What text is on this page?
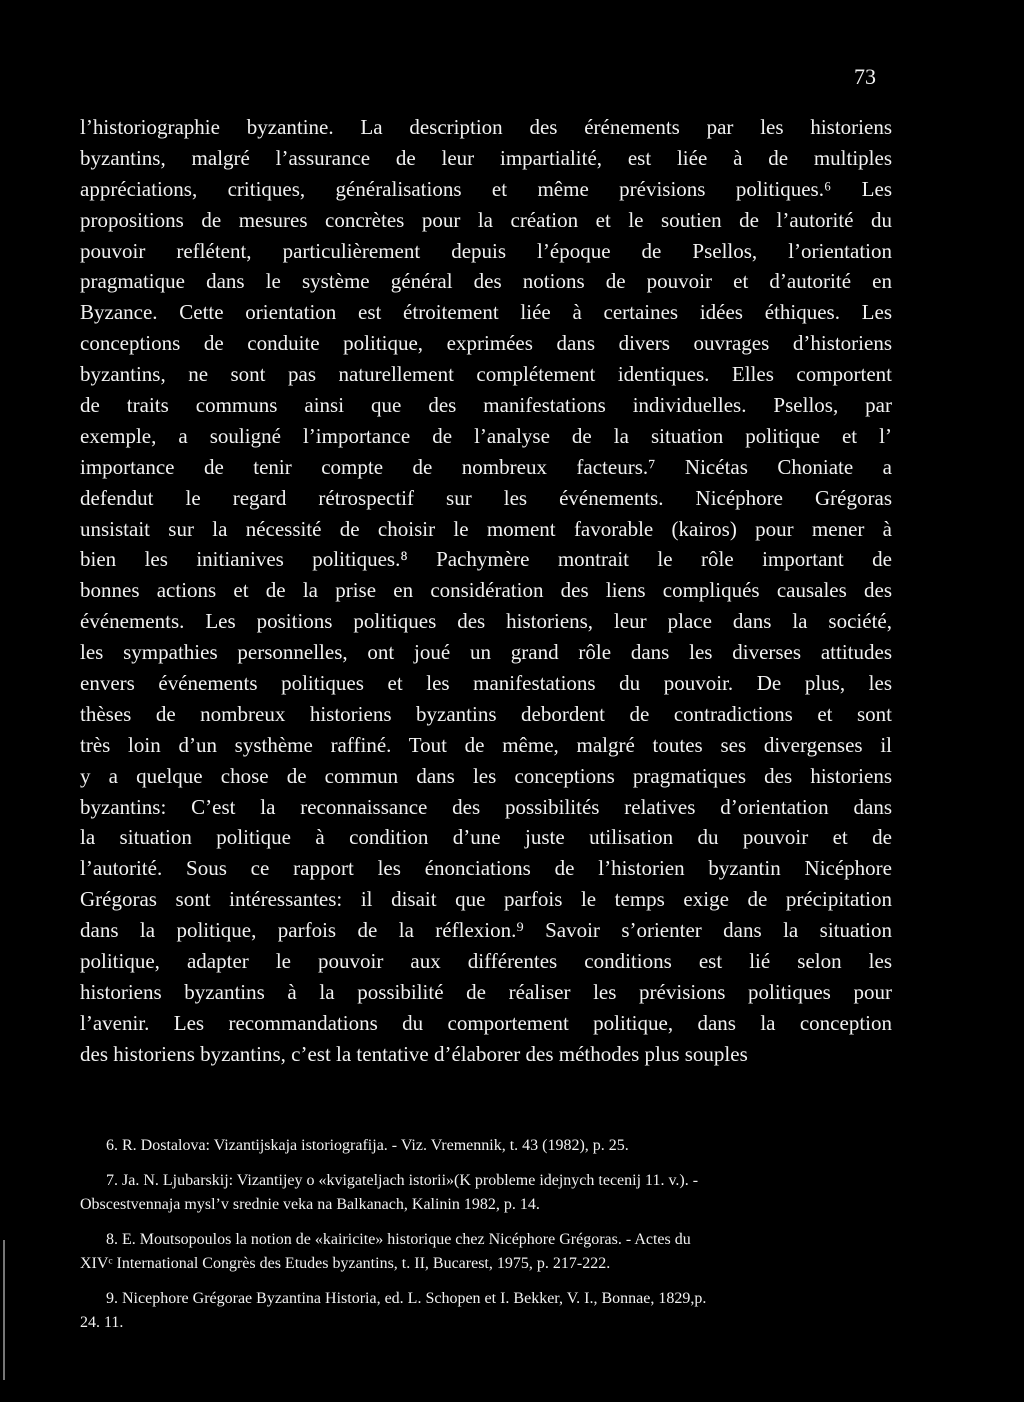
73
l’historiographie byzantine. La description des érénements par les historiens
byzantins, malgré l’assurance de leur impartialité, est liée à de multiples
appréciations, critiques, généralisations et même prévisions politiques.⁶ Les
propositions de mesures concrètes pour la création et le soutien de l’autorité du
pouvoir reflétent, particulièrement depuis l’époque de Psellos, l’orientation
pragmatique dans le système général des notions de pouvoir et d’autorité en
Byzance. Cette orientation est étroitement liée à certaines idées éthiques. Les
conceptions de conduite politique, exprimées dans divers ouvrages d’historiens
byzantins, ne sont pas naturellement complétement identiques. Elles comportent
de traits communs ainsi que des manifestations individuelles. Psellos, par
exemple, a souligné l’importance de l’analyse de la situation politique et l’
importance de tenir compte de nombreux facteurs.⁷ Nicétas Choniate a
defendut le regard rétrospectif sur les événements. Nicéphore Grégoras
unsistait sur la nécessité de choisir le moment favorable (kairos) pour mener à
bien les initianives politiques.⁸ Pachymère montrait le rôle important de
bonnes actions et de la prise en considération des liens compliqués causales des
événements. Les positions politiques des historiens, leur place dans la société,
les sympathies personnelles, ont joué un grand rôle dans les diverses attitudes
envers événements politiques et les manifestations du pouvoir. De plus, les
thèses de nombreux historiens byzantins debordent de contradictions et sont
très loin d’un systhème raffiné. Tout de même, malgré toutes ses divergenses il
y a quelque chose de commun dans les conceptions pragmatiques des historiens
byzantins: C’est la reconnaissance des possibilités relatives d’orientation dans
la situation politique à condition d’une juste utilisation du pouvoir et de
l’autorité. Sous ce rapport les énonciations de l’historien byzantin Nicéphore
Grégoras sont intéressantes: il disait que parfois le temps exige de précipitation
dans la politique, parfois de la réflexion.⁹ Savoir s’orienter dans la situation
politique, adapter le pouvoir aux différentes conditions est lié selon les
historiens byzantins à la possibilité de réaliser les prévisions politiques pour
l’avenir. Les recommandations du comportement politique, dans la conception
des historiens byzantins, c’est la tentative d’élaborer des méthodes plus souples
6. R. Dostalova: Vizantijskaja istoriografija. - Viz. Vremennik, t. 43 (1982), p. 25.
7. Ja. N. Ljubarskij: Vizantijey o «kvigateljach istorii»(K probleme idejnych tecenij 11. v.). -
Obscestvennaja mysl’v srednie veka na Balkanach, Kalinin 1982, p. 14.
8. E. Moutsopoulos la notion de «kairicite» historique chez Nicéphore Grégoras. - Actes du
XIVᶜ International Congrès des Etudes byzantins, t. II, Bucarest, 1975, p. 217-222.
9. Nicephore Grégorae Byzantina Historia, ed. L. Schopen et I. Bekker, V. I., Bonnae, 1829,p.
24. 11.
